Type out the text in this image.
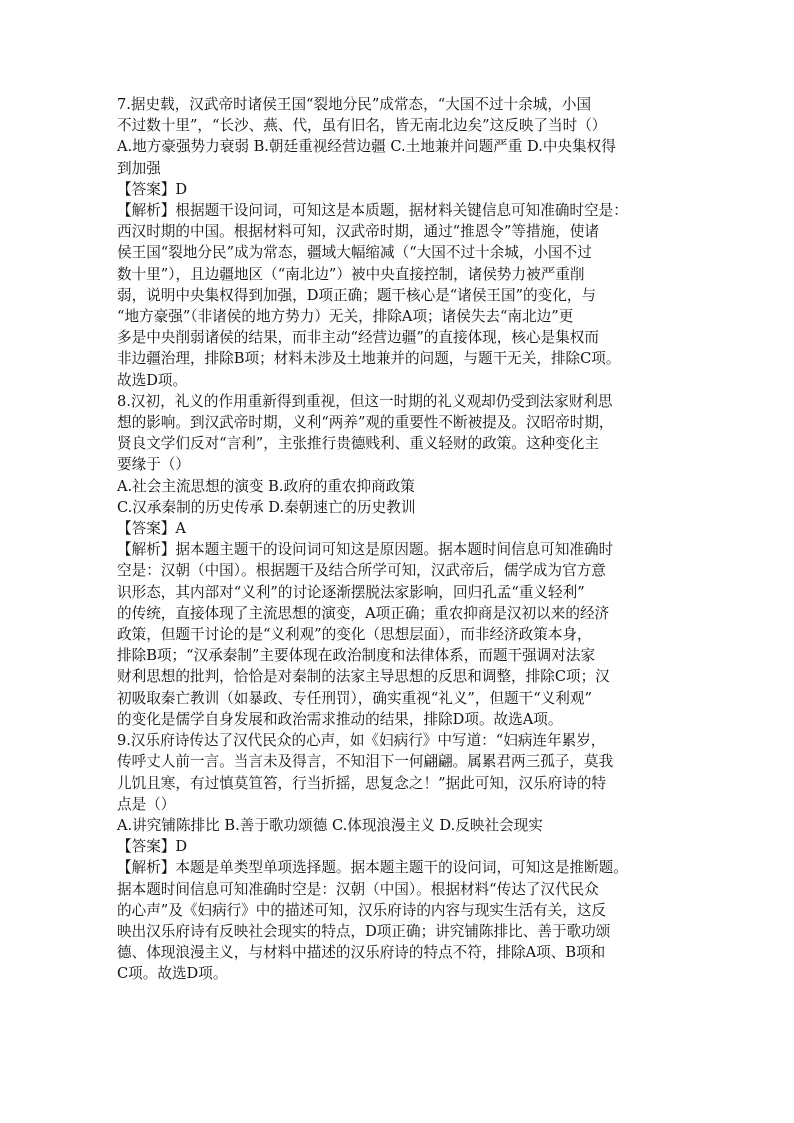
7.据史载，汉武帝时诸侯王国“裂地分民”成常态，“大国不过十余城，小国
不过数十里”，“长沙、燕、代，虽有旧名，皆无南北边矣”这反映了当时（）
A.地方豪强势力衰弱 B.朝廷重视经营边疆 C.土地兼并问题严重 D.中央集权得
到加强
【答案】D
【解析】根据题干设问词，可知这是本质题，据材料关键信息可知准确时空是：
西汉时期的中国。根据材料可知，汉武帝时期，通过“推恩令”等措施，使诸
侯王国“裂地分民”成为常态，疆域大幅缩减（“大国不过十余城，小国不过
数十里”），且边疆地区（“南北边”）被中央直接控制，诸侯势力被严重削
弱，说明中央集权得到加强，D项正确；题干核心是“诸侯王国”的变化，与
“地方豪强”（非诸侯的地方势力）无关，排除A项；诸侯失去“南北边”更
多是中央削弱诸侯的结果，而非主动“经营边疆”的直接体现，核心是集权而
非边疆治理，排除B项；材料未涉及土地兼并的问题，与题干无关，排除C项。
故选D项。
8.汉初，礼义的作用重新得到重视，但这一时期的礼义观却仍受到法家财利思
想的影响。到汉武帝时期，义利“两养”观的重要性不断被提及。汉昭帝时期，
贤良文学们反对“言利”，主张推行贵德贱利、重义轻财的政策。这种变化主
要缘于（）
A.社会主流思想的演变 B.政府的重农抑商政策
C.汉承秦制的历史传承 D.秦朝速亡的历史教训
【答案】A
【解析】据本题主题干的设问词可知这是原因题。据本题时间信息可知准确时
空是：汉朝（中国）。根据题干及结合所学可知，汉武帝后，儒学成为官方意
识形态，其内部对“义利”的讨论逐渐摆脱法家影响，回归孔孟“重义轻利”
的传统，直接体现了主流思想的演变，A项正确；重农抑商是汉初以来的经济
政策，但题干讨论的是“义利观”的变化（思想层面），而非经济政策本身，
排除B项；“汉承秦制”主要体现在政治制度和法律体系，而题干强调对法家
财利思想的批判，恰恰是对秦制的法家主导思想的反思和调整，排除C项；汉
初吸取秦亡教训（如暴政、专任刑罚），确实重视“礼义”，但题干“义利观”
的变化是儒学自身发展和政治需求推动的结果，排除D项。故选A项。
9.汉乐府诗传达了汉代民众的心声，如《妇病行》中写道：“妇病连年累岁，
传呼丈人前一言。当言未及得言，不知泪下一何翩翩。属累君两三孤子，莫我
儿饥且寒，有过慎莫笪笞，行当折摇，思复念之！”据此可知，汉乐府诗的特
点是（）
A.讲究铺陈排比 B.善于歌功颂德 C.体现浪漫主义 D.反映社会现实
【答案】D
【解析】本题是单类型单项选择题。据本题主题干的设问词，可知这是推断题。
据本题时间信息可知准确时空是：汉朝（中国）。根据材料“传达了汉代民众
的心声”及《妇病行》中的描述可知，汉乐府诗的内容与现实生活有关，这反
映出汉乐府诗有反映社会现实的特点，D项正确；讲究铺陈排比、善于歌功颂
德、体现浪漫主义，与材料中描述的汉乐府诗的特点不符，排除A项、B项和
C项。故选D项。
